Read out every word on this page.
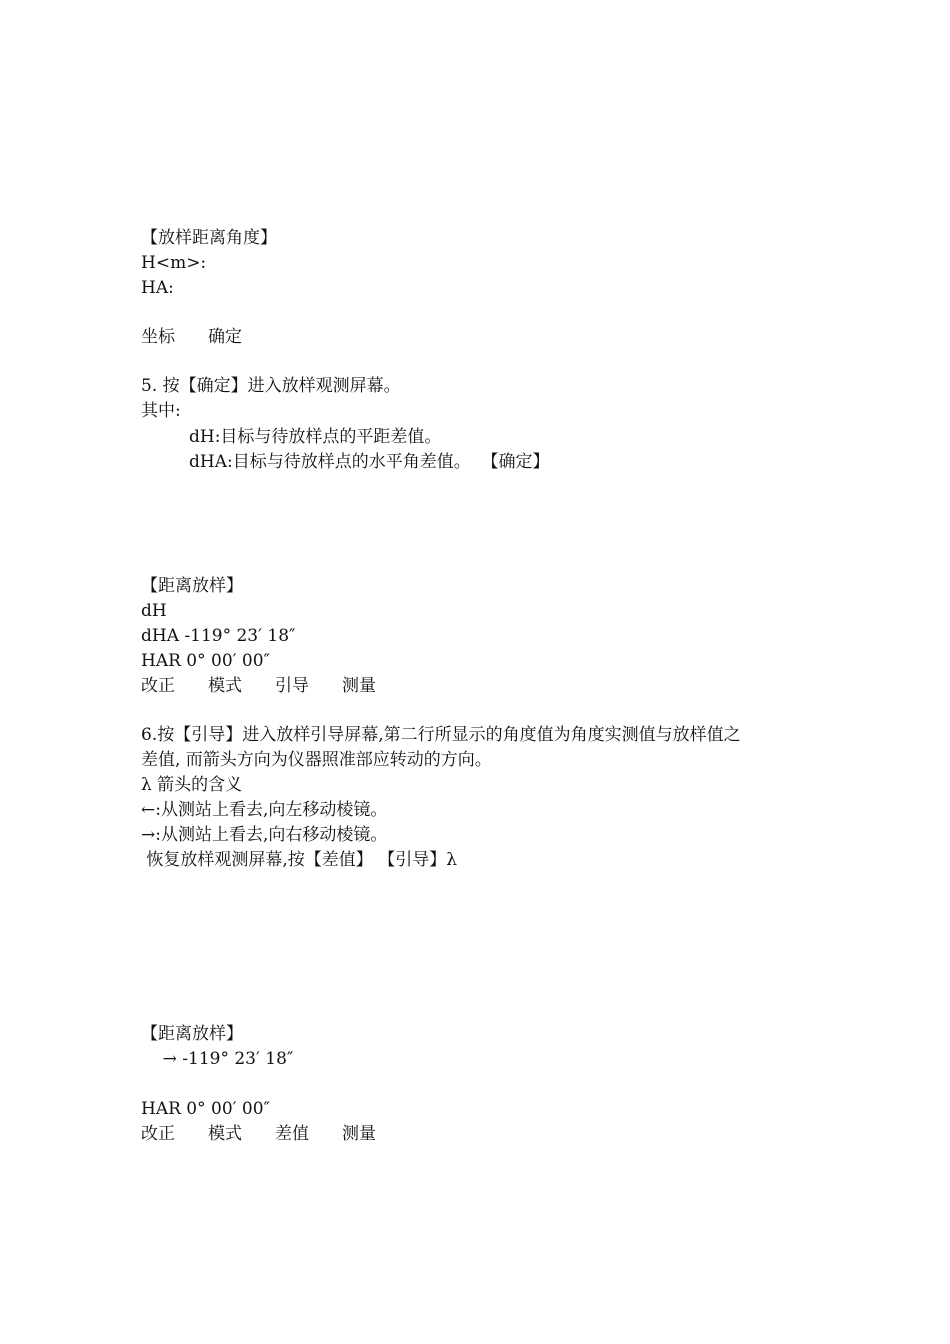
【放样距离角度】
H<m>:
HA:
坐标	确定
5. 按【确定】进入放样观测屏幕。
其中:
dH:目标与待放样点的平距差值。
dHA:目标与待放样点的水平角差值。  【确定】
【距离放样】
dH
dHA -119° 23′ 18″
HAR 0° 00′ 00″
改正	模式	引导	测量
6.按【引导】进入放样引导屏幕,第二行所显示的角度值为角度实测值与放样值之
差值, 而箭头方向为仪器照准部应转动的方向。
λ 箭头的含义
←:从测站上看去,向左移动棱镜。
→:从测站上看去,向右移动棱镜。
恢复放样观测屏幕,按【差值】 【引导】λ
【距离放样】
→ -119° 23′ 18″
HAR 0° 00′ 00″
改正	模式	差值	测量
